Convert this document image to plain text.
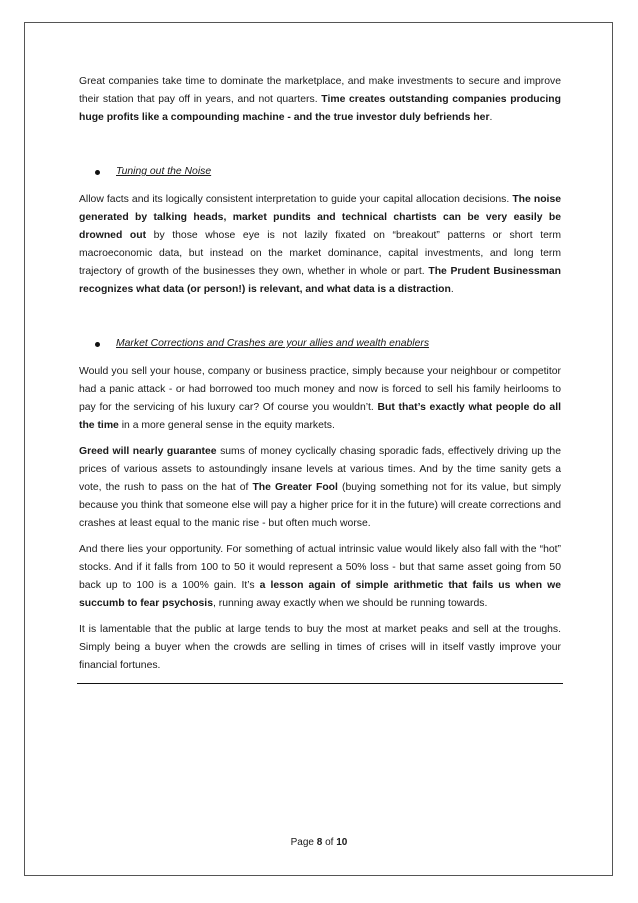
Great companies take time to dominate the marketplace, and make investments to secure and improve their station that pay off in years, and not quarters. Time creates outstanding companies producing huge profits like a compounding machine - and the true investor duly befriends her.

Tuning out the Noise

Allow facts and its logically consistent interpretation to guide your capital allocation decisions. The noise generated by talking heads, market pundits and technical chartists can be very easily be drowned out by those whose eye is not lazily fixated on “breakout” patterns or short term macroeconomic data, but instead on the market dominance, capital investments, and long term trajectory of growth of the businesses they own, whether in whole or part. The Prudent Businessman recognizes what data (or person!) is relevant, and what data is a distraction.

Market Corrections and Crashes are your allies and wealth enablers

Would you sell your house, company or business practice, simply because your neighbour or competitor had a panic attack - or had borrowed too much money and now is forced to sell his family heirlooms to pay for the servicing of his luxury car? Of course you wouldn’t. But that’s exactly what people do all the time in a more general sense in the equity markets.

Greed will nearly guarantee sums of money cyclically chasing sporadic fads, effectively driving up the prices of various assets to astoundingly insane levels at various times. And by the time sanity gets a vote, the rush to pass on the hat of The Greater Fool (buying something not for its value, but simply because you think that someone else will pay a higher price for it in the future) will create corrections and crashes at least equal to the manic rise - but often much worse.

And there lies your opportunity. For something of actual intrinsic value would likely also fall with the “hot” stocks. And if it falls from 100 to 50 it would represent a 50% loss - but that same asset going from 50 back up to 100 is a 100% gain. It’s a lesson again of simple arithmetic that fails us when we succumb to fear psychosis, running away exactly when we should be running towards.

It is lamentable that the public at large tends to buy the most at market peaks and sell at the troughs. Simply being a buyer when the crowds are selling in times of crises will in itself vastly improve your financial fortunes.

Page 8 of 10
